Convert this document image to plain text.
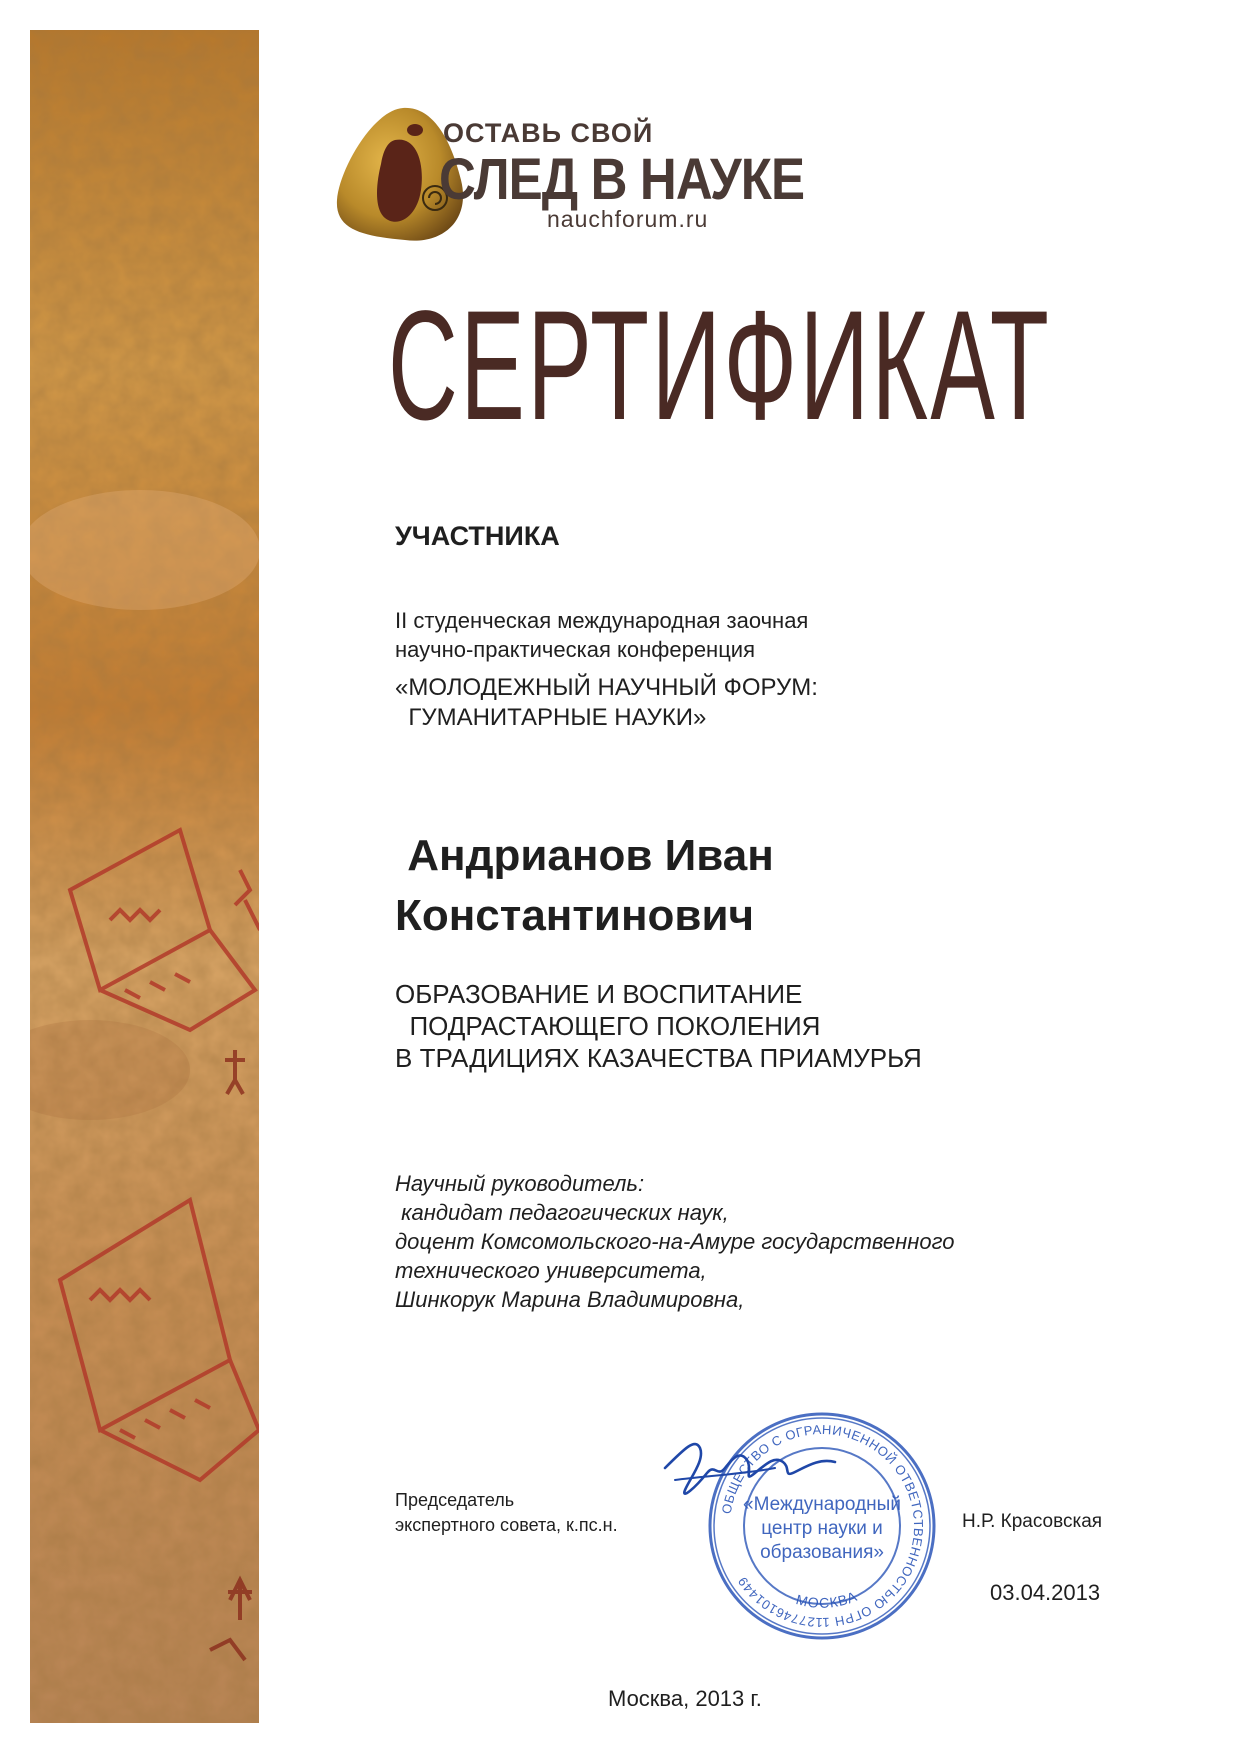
ОСТАВЬ СВОЙ
СЛЕД В НАУКЕ
nauchforum.ru
СЕРТИФИКАТ
УЧАСТНИКА
II студенческая международная заочная
научно-практическая конференция
«МОЛОДЕЖНЫЙ НАУЧНЫЙ ФОРУМ:
ГУМАНИТАРНЫЕ НАУКИ»
Андрианов Иван
Константинович
ОБРАЗОВАНИЕ И ВОСПИТАНИЕ
ПОДРАСТАЮЩЕГО ПОКОЛЕНИЯ
В ТРАДИЦИЯХ КАЗАЧЕСТВА ПРИАМУРЬЯ
Научный руководитель:
кандидат педагогических наук,
доцент Комсомольского-на-Амуре государственного
технического университета,
Шинкорук Марина Владимировна,
Председатель
экспертного совета, к.пс.н.
ОБЩЕСТВО С ОГРАНИЧЕННОЙ ОТВЕТСТВЕННОСТЬЮ ОГРН 1127746101449
МОСКВА
«Международный
центр науки и
образования»
Н.Р. Красовская
03.04.2013
Москва, 2013 г.
